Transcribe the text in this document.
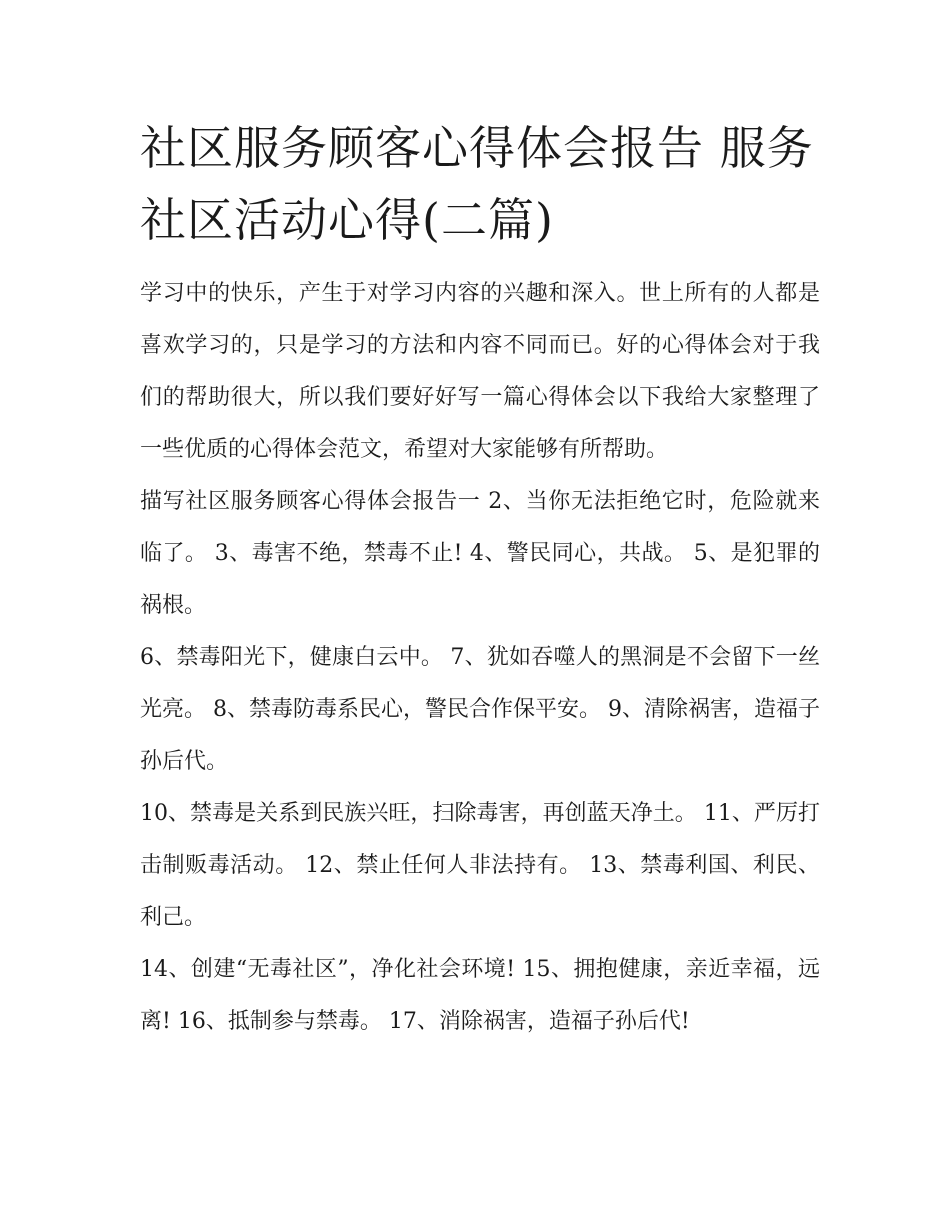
社区服务顾客心得体会报告 服务社区活动心得(二篇)

学习中的快乐，产生于对学习内容的兴趣和深入。世上所有的人都是喜欢学习的，只是学习的方法和内容不同而已。好的心得体会对于我们的帮助很大，所以我们要好好写一篇心得体会以下我给大家整理了一些优质的心得体会范文，希望对大家能够有所帮助。

描写社区服务顾客心得体会报告一 2、当你无法拒绝它时，危险就来临了。 3、毒害不绝，禁毒不止! 4、警民同心，共战。 5、是犯罪的祸根。

6、禁毒阳光下，健康白云中。 7、犹如吞噬人的黑洞是不会留下一丝光亮。 8、禁毒防毒系民心，警民合作保平安。 9、清除祸害，造福子孙后代。

10、禁毒是关系到民族兴旺，扫除毒害，再创蓝天净土。 11、严厉打击制贩毒活动。 12、禁止任何人非法持有。 13、禁毒利国、利民、利己。

14、创建“无毒社区”，净化社会环境! 15、拥抱健康，亲近幸福，远离! 16、抵制参与禁毒。 17、消除祸害，造福子孙后代!
